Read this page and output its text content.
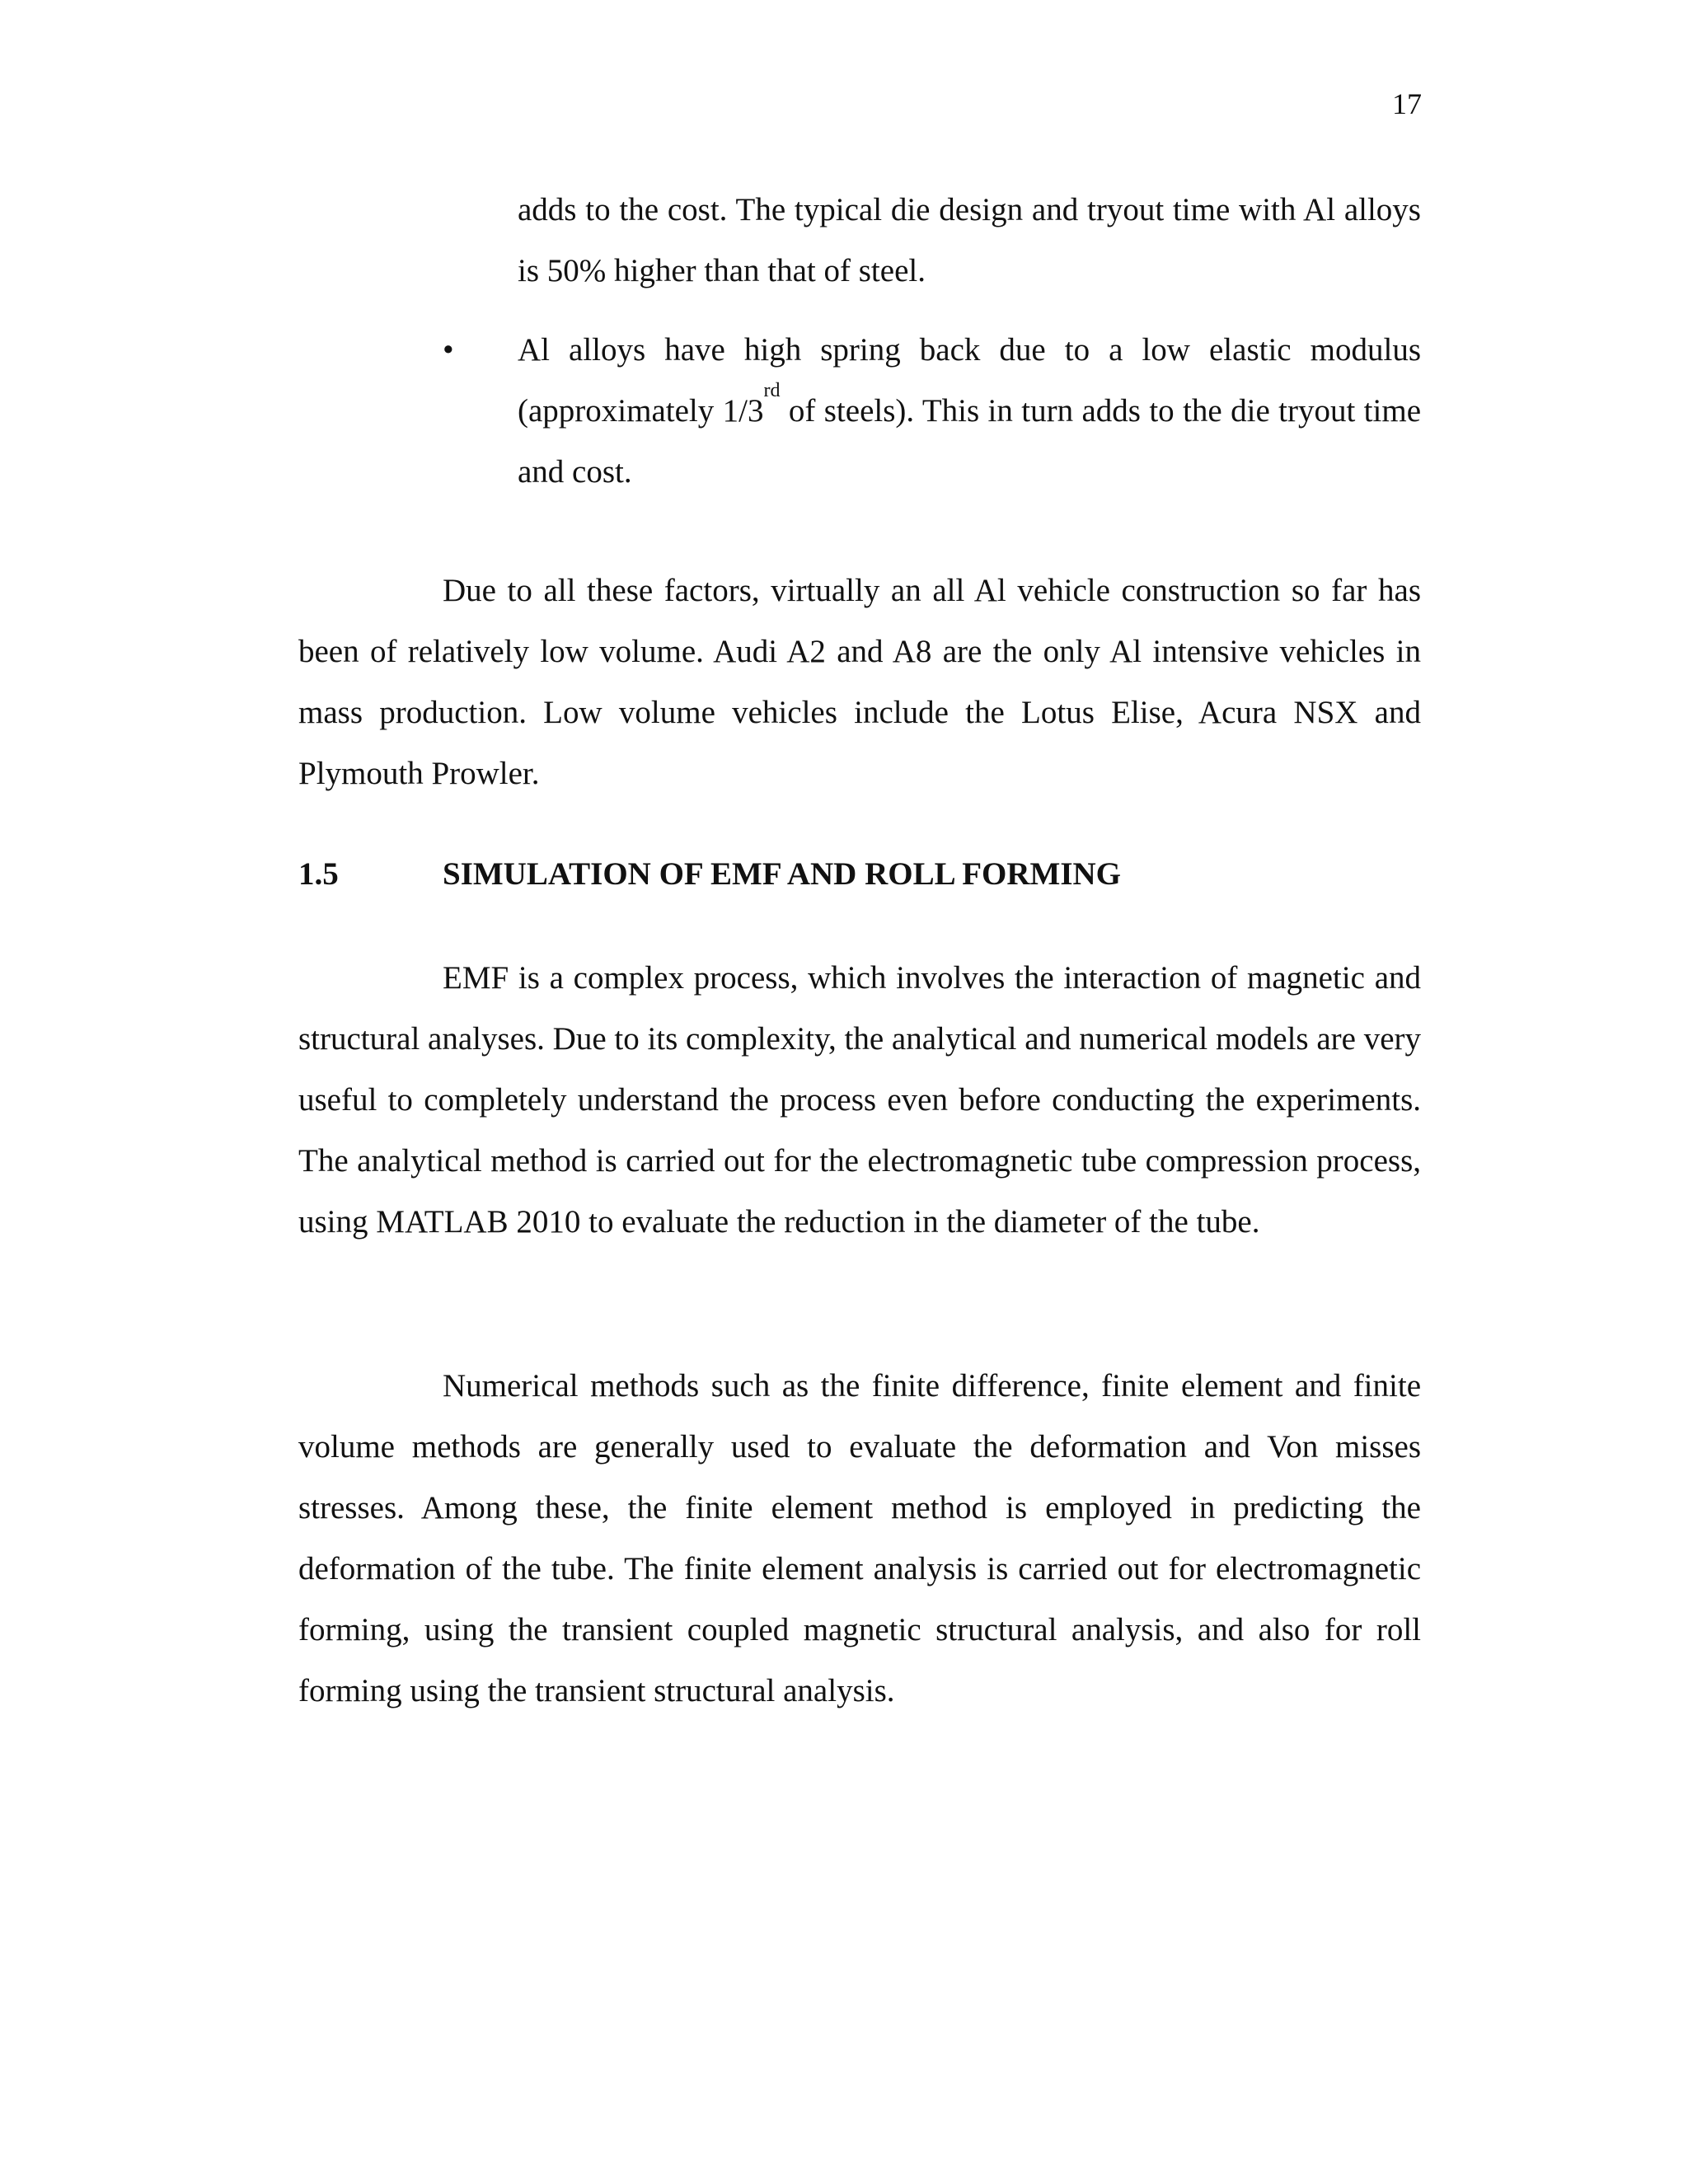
17
adds to the cost. The typical die design and tryout time with Al alloys is 50% higher than that of steel.
•	Al alloys have high spring back due to a low elastic modulus (approximately 1/3rd of steels). This in turn adds to the die tryout time and cost.
Due to all these factors, virtually an all Al vehicle construction so far has been of relatively low volume. Audi A2 and A8 are the only Al intensive vehicles in mass production. Low volume vehicles include the Lotus Elise, Acura NSX and Plymouth Prowler.
1.5	SIMULATION OF EMF AND ROLL FORMING
EMF is a complex process, which involves the interaction of magnetic and structural analyses. Due to its complexity, the analytical and numerical models are very useful to completely understand the process even before conducting the experiments. The analytical method is carried out for the electromagnetic tube compression process, using MATLAB 2010 to evaluate the reduction in the diameter of the tube.
Numerical methods such as the finite difference, finite element and finite volume methods are generally used to evaluate the deformation and Von misses stresses. Among these, the finite element method is employed in predicting the deformation of the tube. The finite element analysis is carried out for electromagnetic forming, using the transient coupled magnetic structural analysis, and also for roll forming using the transient structural analysis.
